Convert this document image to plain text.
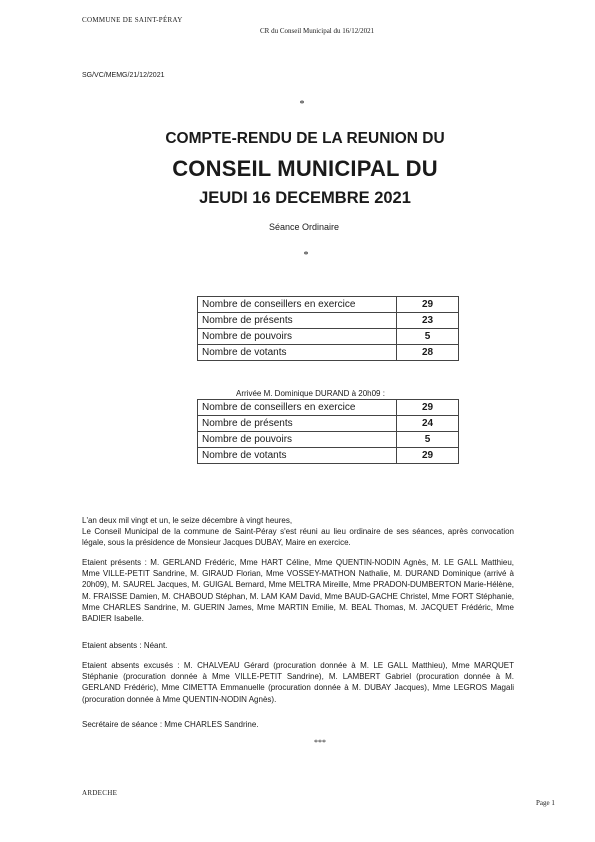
COMMUNE DE SAINT-PÉRAY
CR du Conseil Municipal du 16/12/2021
SG/VC/MEMG/21/12/2021
*
COMPTE-RENDU DE LA REUNION DU
CONSEIL MUNICIPAL DU
JEUDI 16 DECEMBRE 2021
Séance Ordinaire
*
Nombre de conseillers en exercice	29
Nombre de présents	23
Nombre de pouvoirs	5
Nombre de votants	28
Arrivée M. Dominique DURAND à 20h09 :
Nombre de conseillers en exercice	29
Nombre de présents	24
Nombre de pouvoirs	5
Nombre de votants	29

L'an deux mil vingt et un, le seize décembre à vingt heures,

Le Conseil Municipal de la commune de Saint-Péray s'est réuni au lieu ordinaire de ses séances, après convocation légale, sous la présidence de Monsieur Jacques DUBAY, Maire en exercice.

Etaient présents : M. GERLAND Frédéric, Mme HART Céline, Mme QUENTIN-NODIN Agnès, M. LE GALL Matthieu, Mme VILLE-PETIT Sandrine, M. GIRAUD Florian, Mme VOSSEY-MATHON Nathalie, M. DURAND Dominique (arrivé à 20h09), M. SAUREL Jacques, M. GUIGAL Bernard, Mme MELTRA Mireille, Mme PRADON-DUMBERTON Marie-Hélène, M. FRAISSE Damien, M. CHABOUD Stéphan, M. LAM KAM David, Mme BAUD-GACHE Christel, Mme FORT Stéphanie, Mme CHARLES Sandrine, M. GUERIN James, Mme MARTIN Emilie, M. BEAL Thomas, M. JACQUET Frédéric, Mme BADIER Isabelle.
Etaient absents : Néant.
Etaient absents excusés : M. CHALVEAU Gérard (procuration donnée à M. LE GALL Matthieu), Mme MARQUET Stéphanie (procuration donnée à Mme VILLE-PETIT Sandrine), M. LAMBERT Gabriel (procuration donnée à M. GERLAND Frédéric), Mme CIMETTA Emmanuelle (procuration donnée à M. DUBAY Jacques), Mme LEGROS Magali (procuration donnée à Mme QUENTIN-NODIN Agnès).
Secrétaire de séance : Mme CHARLES Sandrine.
***
ARDECHE
Page 1
